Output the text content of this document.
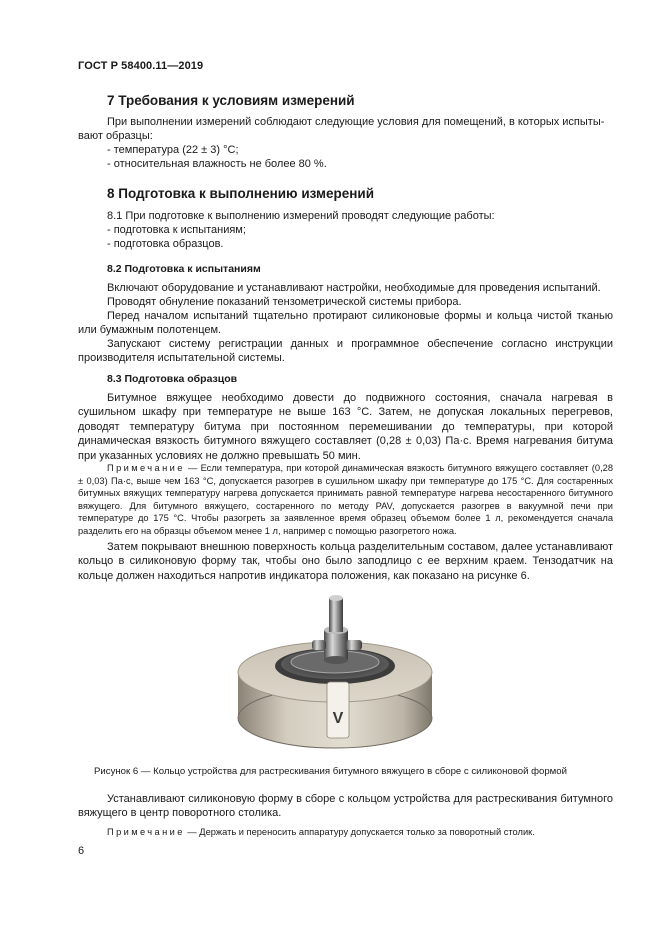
ГОСТ Р 58400.11—2019
7 Требования к условиям измерений
При выполнении измерений соблюдают следующие условия для помещений, в которых испыты-
вают образцы:
- температура (22 ± 3) °С;
- относительная влажность не более 80 %.
8 Подготовка к выполнению измерений
8.1 При подготовке к выполнению измерений проводят следующие работы:
- подготовка к испытаниям;
- подготовка образцов.
8.2 Подготовка к испытаниям
Включают оборудование и устанавливают настройки, необходимые для проведения испытаний.
Проводят обнуление показаний тензометрической системы прибора.
Перед началом испытаний тщательно протирают силиконовые формы и кольца чистой тканью или бумажным полотенцем.
Запускают систему регистрации данных и программное обеспечение согласно инструкции производителя испытательной системы.
8.3 Подготовка образцов
Битумное вяжущее необходимо довести до подвижного состояния, сначала нагревая в сушильном шкафу при температуре не выше 163 °С. Затем, не допуская локальных перегревов, доводят температуру битума при постоянном перемешивании до температуры, при которой динамическая вязкость битумного вяжущего составляет (0,28 ± 0,03) Па·с. Время нагревания битума при указанных условиях не должно превышать 50 мин.
Примечание — Если температура, при которой динамическая вязкость битумного вяжущего составляет (0,28 ± 0,03) Па·с, выше чем 163 °С, допускается разогрев в сушильном шкафу при температуре до 175 °С. Для состаренных битумных вяжущих температуру нагрева допускается принимать равной температуре нагрева несостаренного битумного вяжущего. Для битумного вяжущего, состаренного по методу PAV, допускается разогрев в вакуумной печи при температуре до 175 °С. Чтобы разогреть за заявленное время образец объемом более 1 л, рекомендуется сначала разделить его на образцы объемом менее 1 л, например с помощью разогретого ножа.
Затем покрывают внешнюю поверхность кольца разделительным составом, далее устанавливают кольцо в силиконовую форму так, чтобы оно было заподлицо с ее верхним краем. Тензодатчик на кольце должен находиться напротив индикатора положения, как показано на рисунке 6.
V
Рисунок 6 — Кольцо устройства для растрескивания битумного вяжущего в сборе с силиконовой формой
Устанавливают силиконовую форму в сборе с кольцом устройства для растрескивания битумного вяжущего в центр поворотного столика.
Примечание — Держать и переносить аппаратуру допускается только за поворотный столик.
6
